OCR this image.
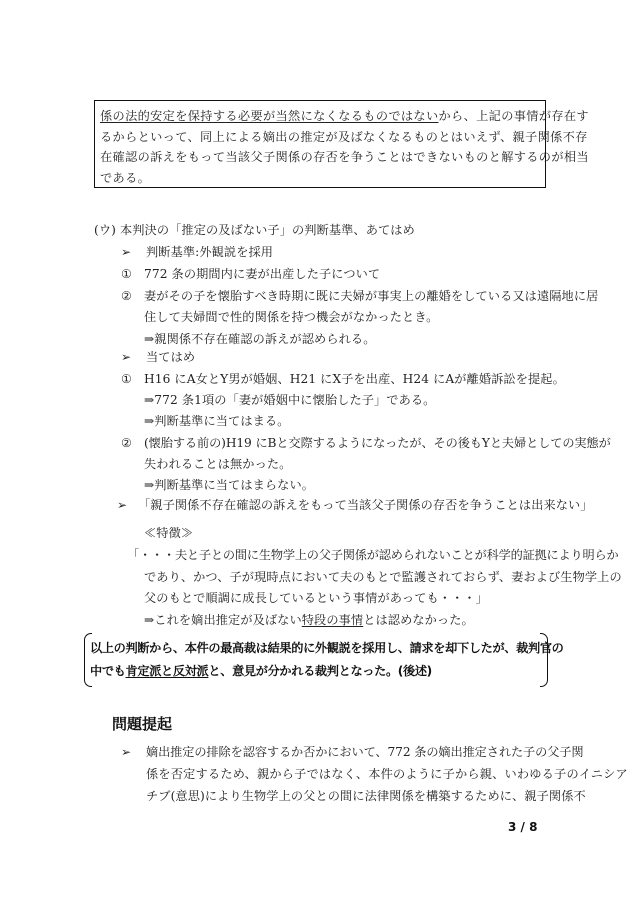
係の法的安定を保持する必要が当然になくなるものではないから、上記の事情が存在す
るからといって、同上による嫡出の推定が及ばなくなるものとはいえず、親子関係不存
在確認の訴えをもって当該父子関係の存否を争うことはできないものと解するのが相当
である。
(ウ) 本判決の「推定の及ばない子」の判断基準、あてはめ
➢ 判断基準:外観説を採用
① 772 条の期間内に妻が出産した子について
② 妻がその子を懐胎すべき時期に既に夫婦が事実上の離婚をしている又は遠隔地に居
住して夫婦間で性的関係を持つ機会がなかったとき。
⇒親関係不存在確認の訴えが認められる。
➢ 当てはめ
① H16 にA女とY男が婚姻、H21 にX子を出産、H24 にAが離婚訴訟を提起。
⇒772 条1項の「妻が婚姻中に懐胎した子」である。
⇒判断基準に当てはまる。
② (懐胎する前の)H19 にBと交際するようになったが、その後もYと夫婦としての実態が
失われることは無かった。
⇒判断基準に当てはまらない。
➢ 「親子関係不存在確認の訴えをもって当該父子関係の存否を争うことは出来ない」
≪特徴≫
「・・・夫と子との間に生物学上の父子関係が認められないことが科学的証拠により明らか
であり、かつ、子が現時点において夫のもとで監護されておらず、妻および生物学上の
父のもとで順調に成長しているという事情があっても・・・」
以上の判断から、本件の最高裁は結果的に外観説を採用し、請求を却下したが、裁判官の
中でも肯定派と反対派と、意見が分かれる裁判となった。(後述)
問題提起
➢ 嫡出推定の排除を認容するか否かにおいて、772 条の嫡出推定された子の父子関
係を否定するため、親から子ではなく、本件のように子から親、いわゆる子のイニシア
チブ(意思)により生物学上の父との間に法律関係を構築するために、親子関係不
3 / 8
⇒これを嫡出推定が及ばない特段の事情とは認めなかった。
